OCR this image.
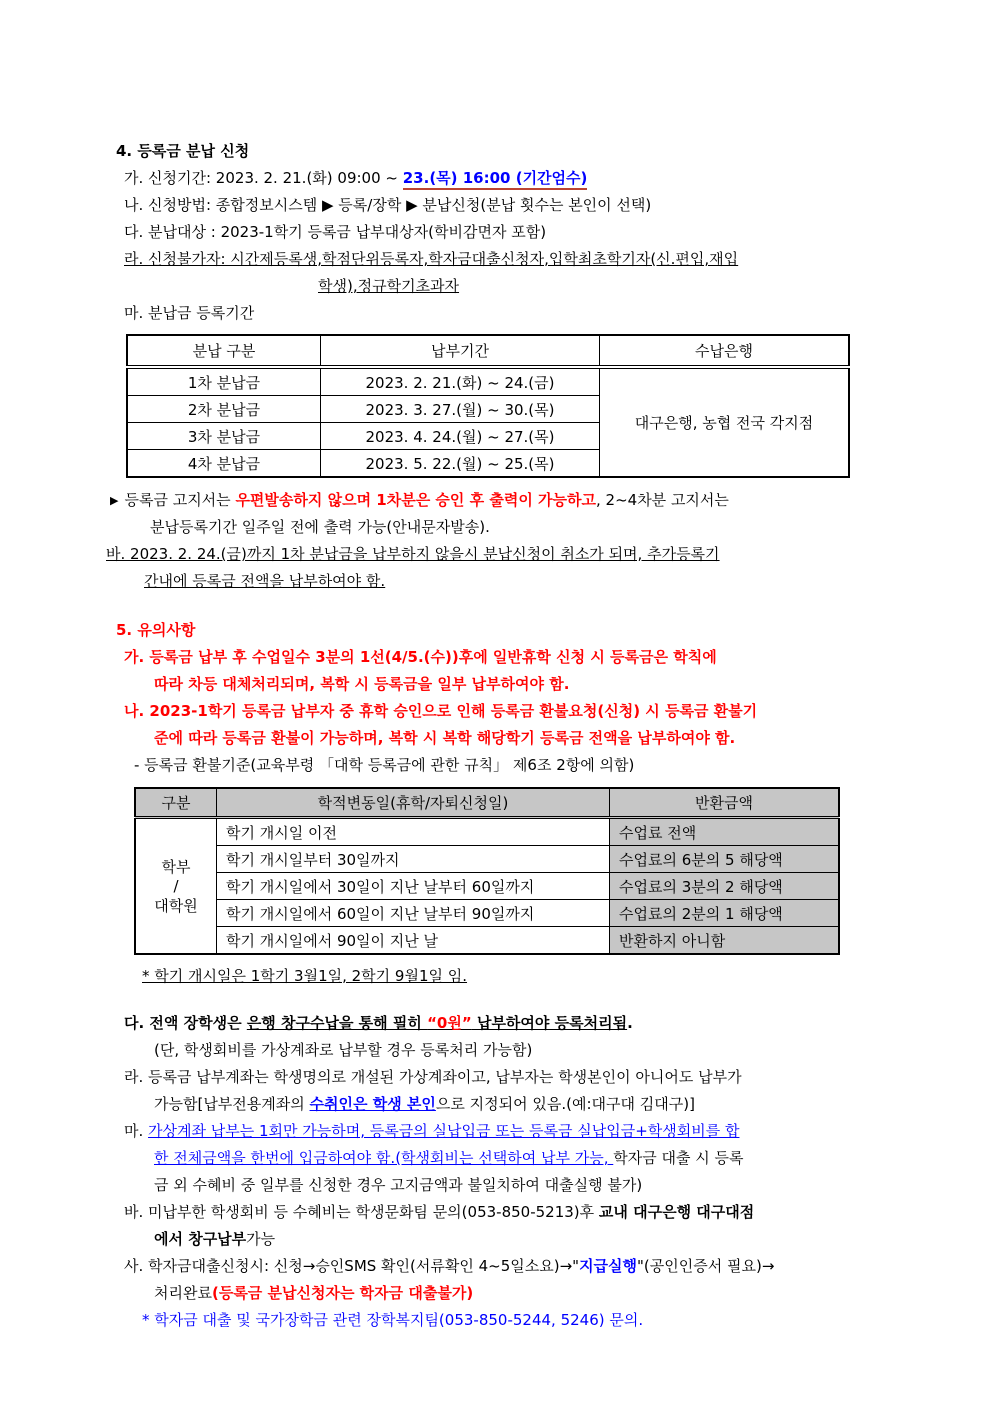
4. 등록금 분납 신청
가. 신청기간: 2023. 2. 21.(화) 09:00 ~ 23.(목) 16:00 (기간엄수)
나. 신청방법: 종합정보시스템 ▶ 등록/장학 ▶ 분납신청(분납 횟수는 본인이 선택)
다. 분납대상 : 2023-1학기 등록금 납부대상자(학비감면자 포함)
라. 신청불가자: 시간제등록생,학점단위등록자,학자금대출신청자,입학최초학기자(신.편입,재입
학생),정규학기초과자
마. 분납금 등록기간
분납 구분	납부기간	수납은행
1차 분납금	2023. 2. 21.(화) ~ 24.(금)	대구은행, 농협 전국 각지점
2차 분납금	2023. 3. 27.(월) ~ 30.(목)	
3차 분납금	2023. 4. 24.(월) ~ 27.(목)	
4차 분납금	2023. 5. 22.(월) ~ 25.(목)	
▶ 등록금 고지서는 우편발송하지 않으며 1차분은 승인 후 출력이 가능하고, 2~4차분 고지서는
분납등록기간 일주일 전에 출력 가능(안내문자발송).
바. 2023. 2. 24.(금)까지 1차 분납금을 납부하지 않을시 분납신청이 취소가 되며, 추가등록기
간내에 등록금 전액을 납부하여야 함.
5. 유의사항
가. 등록금 납부 후 수업일수 3분의 1선(4/5.(수))후에 일반휴학 신청 시 등록금은 학칙에
따라 차등 대체처리되며, 복학 시 등록금을 일부 납부하여야 함.
나. 2023-1학기 등록금 납부자 중 휴학 승인으로 인해 등록금 환불요청(신청) 시 등록금 환불기
준에 따라 등록금 환불이 가능하며, 복학 시 복학 해당학기 등록금 전액을 납부하여야 함.
- 등록금 환불기준(교육부령 「대학 등록금에 관한 규칙」 제6조 2항에 의함)
구분	학적변동일(휴학/자퇴신청일)	반환금액

학부
/
대학원	학기 개시일 이전	수업료 전액
	학기 개시일부터 30일까지	수업료의 6분의 5 해당액
	학기 개시일에서 30일이 지난 날부터 60일까지	수업료의 3분의 2 해당액
	학기 개시일에서 60일이 지난 날부터 90일까지	수업료의 2분의 1 해당액
	학기 개시일에서 90일이 지난 날	반환하지 아니함
* 학기 개시일은 1학기 3월1일, 2학기 9월1일 임.
다. 전액 장학생은 은행 창구수납을 통해 필히 “0원” 납부하여야 등록처리됨.
(단, 학생회비를 가상계좌로 납부할 경우 등록처리 가능함)
라. 등록금 납부계좌는 학생명의로 개설된 가상계좌이고, 납부자는 학생본인이 아니어도 납부가
가능함[납부전용계좌의 수취인은 학생 본인으로 지정되어 있음.(예:대구대 김대구)]
마. 가상계좌 납부는 1회만 가능하며, 등록금의 실납입금 또는 등록금 실납입금+학생회비를 합
한 전체금액을 한번에 입금하여야 함.(학생회비는 선택하여 납부 가능, 학자금 대출 시 등록
금 외 수혜비 중 일부를 신청한 경우 고지금액과 불일치하여 대출실행 불가)
바. 미납부한 학생회비 등 수혜비는 학생문화팀 문의(053-850-5213)후 교내 대구은행 대구대점
에서 창구납부가능
사. 학자금대출신청시: 신청→승인SMS 확인(서류확인 4~5일소요)→"지급실행"(공인인증서 필요)→
처리완료(등록금 분납신청자는 학자금 대출불가)
* 학자금 대출 및 국가장학금 관련 장학복지팀(053-850-5244, 5246) 문의.
